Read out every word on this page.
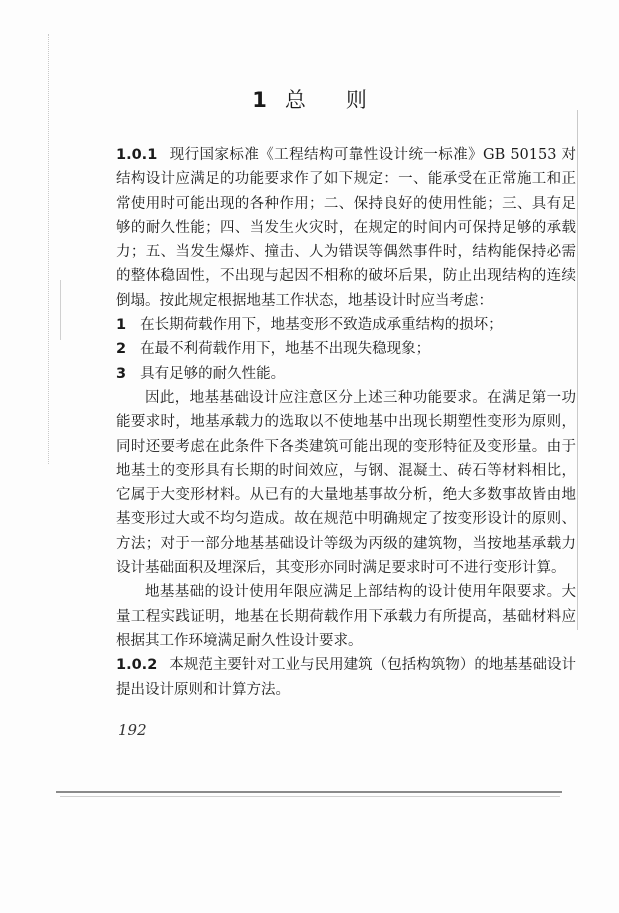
1 总 则

1.0.1 现行国家标准《工程结构可靠性设计统一标准》GB 50153 对结构设计应满足的功能要求作了如下规定：一、能承受在正常施工和正常使用时可能出现的各种作用；二、保持良好的使用性能；三、具有足够的耐久性能；四、当发生火灾时，在规定的时间内可保持足够的承载力；五、当发生爆炸、撞击、人为错误等偶然事件时，结构能保持必需的整体稳固性，不出现与起因不相称的破坏后果，防止出现结构的连续倒塌。按此规定根据地基工作状态，地基设计时应当考虑：

1 在长期荷载作用下，地基变形不致造成承重结构的损坏；

2 在最不利荷载作用下，地基不出现失稳现象；

3 具有足够的耐久性能。

因此，地基基础设计应注意区分上述三种功能要求。在满足第一功能要求时，地基承载力的选取以不使地基中出现长期塑性变形为原则，同时还要考虑在此条件下各类建筑可能出现的变形特征及变形量。由于地基土的变形具有长期的时间效应，与钢、混凝土、砖石等材料相比，它属于大变形材料。从已有的大量地基事故分析，绝大多数事故皆由地基变形过大或不均匀造成。故在规范中明确规定了按变形设计的原则、方法；对于一部分地基基础设计等级为丙级的建筑物，当按地基承载力设计基础面积及埋深后，其变形亦同时满足要求时可不进行变形计算。

地基基础的设计使用年限应满足上部结构的设计使用年限要求。大量工程实践证明，地基在长期荷载作用下承载力有所提高，基础材料应根据其工作环境满足耐久性设计要求。

1.0.2 本规范主要针对工业与民用建筑（包括构筑物）的地基基础设计提出设计原则和计算方法。

192
